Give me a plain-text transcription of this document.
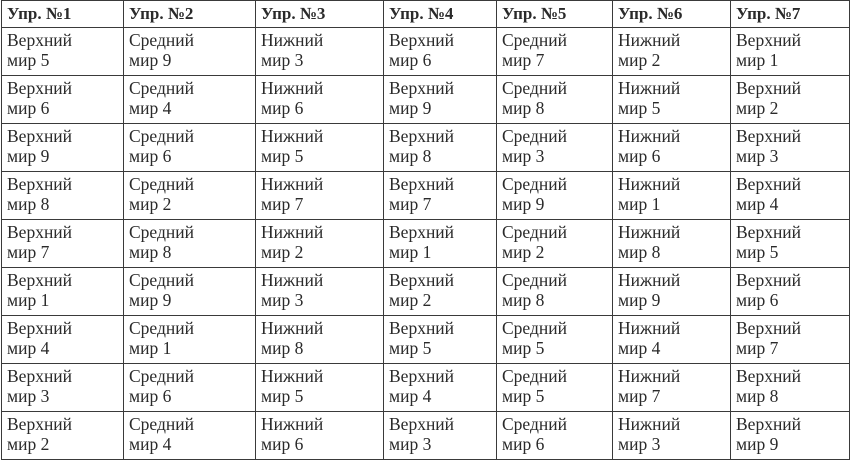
Упр. №1	Упр. №2	Упр. №3	Упр. №4	Упр. №5	Упр. №6	Упр. №7

Верхний
мир 5	Средний
мир 9	Нижний
мир 3	Верхний
мир 6	Средний
мир 7	Нижний
мир 2	Верхний
мир 1

Верхний
мир 6	Средний
мир 4	Нижний
мир 6	Верхний
мир 9	Средний
мир 8	Нижний
мир 5	Верхний
мир 2

Верхний
мир 9	Средний
мир 6	Нижний
мир 5	Верхний
мир 8	Средний
мир 3	Нижний
мир 6	Верхний
мир 3

Верхний
мир 8	Средний
мир 2	Нижний
мир 7	Верхний
мир 7	Средний
мир 9	Нижний
мир 1	Верхний
мир 4

Верхний
мир 7	Средний
мир 8	Нижний
мир 2	Верхний
мир 1	Средний
мир 2	Нижний
мир 8	Верхний
мир 5

Верхний
мир 1	Средний
мир 9	Нижний
мир 3	Верхний
мир 2	Средний
мир 8	Нижний
мир 9	Верхний
мир 6

Верхний
мир 4	Средний
мир 1	Нижний
мир 8	Верхний
мир 5	Средний
мир 5	Нижний
мир 4	Верхний
мир 7

Верхний
мир 3	Средний
мир 6	Нижний
мир 5	Верхний
мир 4	Средний
мир 5	Нижний
мир 7	Верхний
мир 8

Верхний
мир 2	Средний
мир 4	Нижний
мир 6	Верхний
мир 3	Средний
мир 6	Нижний
мир 3	Верхний
мир 9
